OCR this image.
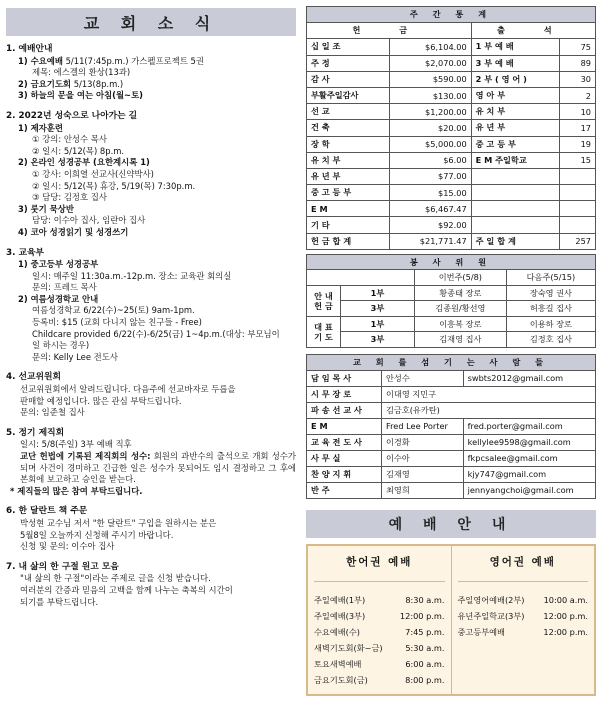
교 회 소 식
1. 예배안내
1) 수요예배 5/11(7:45p.m.) 가스펠프로젝트 5권
제목: 에스겔의 환상(13과)
2) 금요기도회 5/13(8p.m.)
3) 하늘의 문을 여는 아침(월~토)
2. 2022년 성숙으로 나아가는 길
1) 제자훈련
① 강의: 안성수 목사
② 일시: 5/12(목) 8p.m.
2) 온라인 성경공부 (요한계시록 1)
① 강사: 이희열 선교사(신약박사)
② 일시: 5/12(목) 휴강, 5/19(목) 7:30p.m.
③ 담당: 김정호 집사
3) 룻기 묵상반
담당: 이수아 집사, 임란아 집사
4) 코아 성경읽기 및 성경쓰기
3. 교육부
1) 중고등부 성경공부
일시: 매주일 11:30a.m.-12p.m. 장소: 교육관 회의실
문의: 프레드 목사
2) 여름성경학교 안내
여름성경학교 6/22(수)~25(토) 9am-1pm.
등록비: $15 (교회 다니지 않는 친구들 - Free)
Childcare provided 6/22(수)-6/25(금) 1~4p.m.(대상: 부모님이
일 하시는 경우)
문의: Kelly Lee 전도사
4. 선교위원회
선교위원회에서 알려드립니다. 다음주에 선교바자로 두릅을
판매할 예정입니다. 많은 관심 부탁드립니다.
문의: 임준철 집사
5. 정기 제직회
일시: 5/8(주일) 3부 예배 직후
교단 헌법에 기록된 제직회의 성수: 회원의 과반수의 출석으로 개회 성수가 되며 사건이 경미하고 긴급한 일은 성수가 못되어도 임시 결정하고 그 후에 본회에 보고하고 승인을 받는다.
* 제직들의 많은 참여 부탁드립니다.
6. 한 달란트 책 주문
박성현 교수님 저서 "한 달란트" 구입을 원하시는 분은
5월8일 오늘까지 신청해 주시기 바랍니다.
신청 및 문의: 이수아 집사
7. 내 삶의 한 구절 원고 모음
"내 삶의 한 구절"이라는 주제로 글을 신청 받습니다.
여러분의 간증과 믿음의 고백을 함께 나누는 축복의 시간이
되기를 부탁드립니다.
주 간 통 계			
헌 금		출 석	
십 일 조	$6,104.00	1 부 예 배	75
주 정	$2,070.00	3 부 예 배	89
감 사	$590.00	2 부 ( 영 어 )	30
부활주일감사	$130.00	영 아 부	2
선 교	$1,200.00	유 치 부	10
건 축	$20.00	유 년 부	17
장 학	$5,000.00	중 고 등 부	19
유 치 부	$6.00	E M 주일학교	15
유 년 부	$77.00		
중 고 등 부	$15.00		
E M	$6,467.47		
기 타	$92.00		
헌 금 합 계	$21,771.47	주 일 합 계	257
봉 사 위 원			
		이번주(5/8)	다음주(5/15)
안 내
헌 금	1부	황종태 장로	장숙영 권사
	3부	김종원/황선영	허흥길 집사
대 표
기 도	1부	이흥복 장로	이용하 장로
	3부	김재영 집사	김정호 집사
교 회 를 섬 기 는 사 람 들		
담 임 목 사	안성수	swbts2012@gmail.com
시 무 장 로	이대영 지민구	
파 송 선 교 사	김금호(유카탄)	
E M	Fred Lee Porter	fred.porter@gmail.com
교 육 전 도 사	이경화	kellylee9598@gmail.com
사 무 실	이수아	fkpcsalee@gmail.com
찬 양 지 휘	김재영	kjy747@gmail.com
반 주	최영희	jennyangchoi@gmail.com
예 배 안 내
한어권 예배
주일예배(1부)	8:30 a.m.
주일예배(3부)	12:00 p.m.
수요예배(수)	7:45 p.m.
새벽기도회(화~금)	5:30 a.m.
토요새벽예배	6:00 a.m.
금요기도회(금)	8:00 p.m.
영어권 예배
주일영어예배(2부) 10:00 a.m.
유년주일학교(3부) 12:00 p.m.
중고등부예배	12:00 p.m.
